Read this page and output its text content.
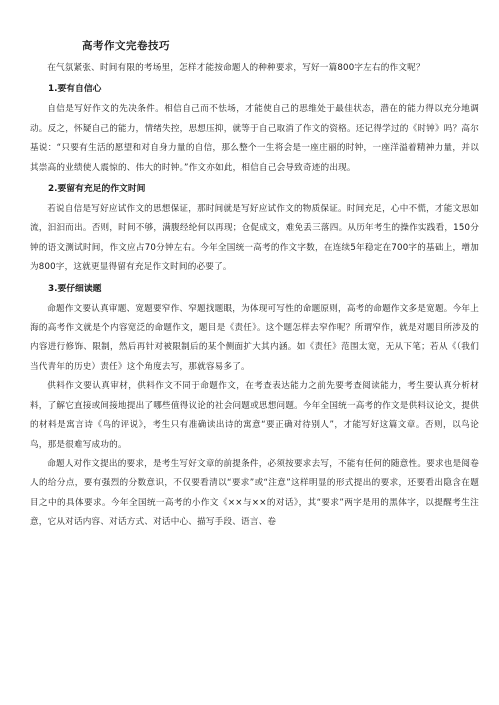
高考作文完卷技巧

在气氛紧张、时间有限的考场里，怎样才能按命题人的种种要求，写好一篇800字左右的作文呢？

1.要有自信心

自信是写好作文的先决条件。相信自己而不怯场，才能使自己的思维处于最佳状态，潜在的能力得以充分地调动。反之，怀疑自己的能力，情绪失控，思想压抑，就等于自己取消了作文的资格。还记得学过的《时钟》吗？高尔基说：“只要有生活的愿望和对自身力量的自信，那么整个一生将会是一座庄丽的时钟，一座洋溢着精神力量，并以其崇高的业绩使人震惊的、伟大的时钟。”作文亦如此，相信自己会导致奇迹的出现。

2.要留有充足的作文时间

若说自信是写好应试作文的思想保证，那时间就是写好应试作文的物质保证。时间充足，心中不慌，才能文思如流，汩汩而出。否则，时间不够，满腹经纶何以再现；仓促成文，难免丢三落四。从历年考生的操作实践看，150分钟的语文测试时间，作文应占70分钟左右。今年全国统一高考的作文字数，在连续5年稳定在700字的基础上，增加为800字，这就更显得留有充足作文时间的必要了。

3.要仔细读题

命题作文要认真审题、宽题要窄作、窄题找题眼，为体现可写性的命题原则，高考的命题作文多是宽题。今年上海的高考作文就是个内容宽泛的命题作文，题目是《责任》。这个题怎样去窄作呢？所谓窄作，就是对题目所涉及的内容进行修饰、限制，然后再针对被限制后的某个侧面扩大其内涵。如《责任》范围太宽，无从下笔；若从《（我们当代青年的历史）责任》这个角度去写，那就容易多了。

供料作文要认真审材，供料作文不同于命题作文，在考查表达能力之前先要考查阅读能力，考生要认真分析材料，了解它直接或间接地提出了哪些值得议论的社会问题或思想问题。今年全国统一高考的作文是供料议论文，提供的材料是寓言诗《鸟的评说》，考生只有准确读出诗的寓意“要正确对待别人”，才能写好这篇文章。否则，以鸟论鸟，那是很难写成功的。

命题人对作文提出的要求，是考生写好文章的前提条件，必须按要求去写，不能有任何的随意性。要求也是阅卷人的给分点，要有强烈的分数意识，不仅要看清以“要求”或“注意”这样明显的形式提出的要求，还要看出隐含在题目之中的具体要求。今年全国统一高考的小作文《××与××的对话》，其“要求”两字是用的黑体字，以提醒考生注意，它从对话内容、对话方式、对话中心、描写手段、语言、卷
